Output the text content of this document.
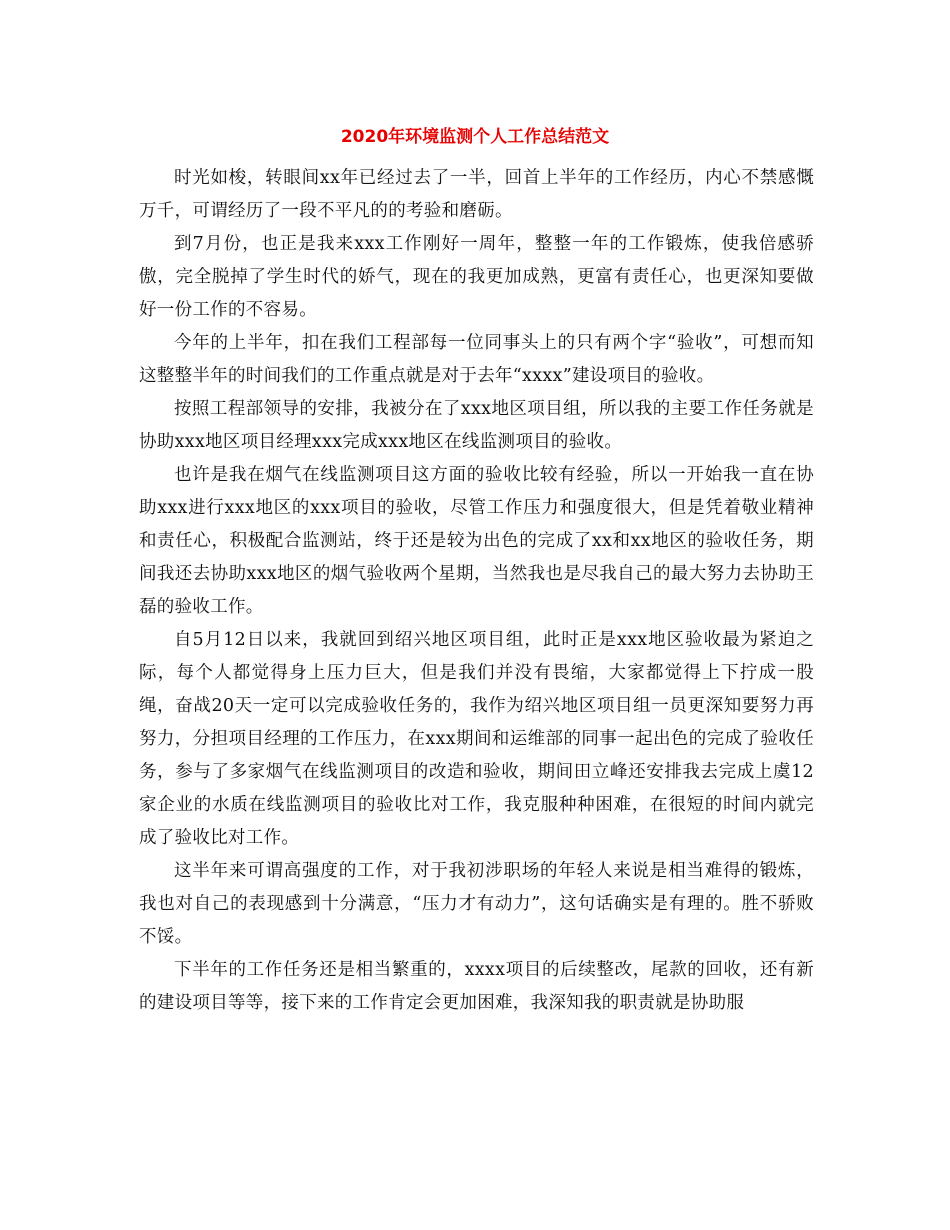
2020年环境监测个人工作总结范文

时光如梭，转眼间xx年已经过去了一半，回首上半年的工作经历，内心不禁感慨万千，可谓经历了一段不平凡的的考验和磨砺。

到7月份，也正是我来xxx工作刚好一周年，整整一年的工作锻炼，使我倍感骄傲，完全脱掉了学生时代的娇气，现在的我更加成熟，更富有责任心，也更深知要做好一份工作的不容易。

今年的上半年，扣在我们工程部每一位同事头上的只有两个字“验收”，可想而知这整整半年的时间我们的工作重点就是对于去年“xxxx”建设项目的验收。

按照工程部领导的安排，我被分在了xxx地区项目组，所以我的主要工作任务就是协助xxx地区项目经理xxx完成xxx地区在线监测项目的验收。

也许是我在烟气在线监测项目这方面的验收比较有经验，所以一开始我一直在协助xxx进行xxx地区的xxx项目的验收，尽管工作压力和强度很大，但是凭着敬业精神和责任心，积极配合监测站，终于还是较为出色的完成了xx和xx地区的验收任务，期间我还去协助xxx地区的烟气验收两个星期，当然我也是尽我自己的最大努力去协助王磊的验收工作。

自5月12日以来，我就回到绍兴地区项目组，此时正是xxx地区验收最为紧迫之际，每个人都觉得身上压力巨大，但是我们并没有畏缩，大家都觉得上下拧成一股绳，奋战20天一定可以完成验收任务的，我作为绍兴地区项目组一员更深知要努力再努力，分担项目经理的工作压力，在xxx期间和运维部的同事一起出色的完成了验收任务，参与了多家烟气在线监测项目的改造和验收，期间田立峰还安排我去完成上虞12家企业的水质在线监测项目的验收比对工作，我克服种种困难，在很短的时间内就完成了验收比对工作。

这半年来可谓高强度的工作，对于我初涉职场的年轻人来说是相当难得的锻炼，我也对自己的表现感到十分满意，“压力才有动力”，这句话确实是有理的。胜不骄败不馁。

下半年的工作任务还是相当繁重的，xxxx项目的后续整改，尾款的回收，还有新的建设项目等等，接下来的工作肯定会更加困难，我深知我的职责就是协助服
